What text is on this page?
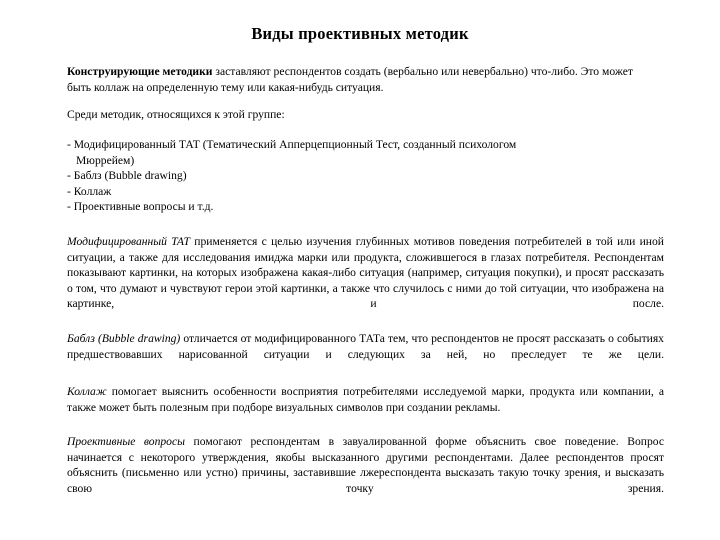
Виды проективных методик
Конструирующие методики заставляют респондентов создать (вербально или невербально) что-либо. Это может быть коллаж на определенную тему или какая-нибудь ситуация.
Среди методик, относящихся к этой группе:
- Модифицированный ТАТ (Тематический Апперцепционный Тест, созданный психологом
Мюррейем)
- Баблз (Bubble drawing)
- Коллаж
- Проективные вопросы и т.д.
Модифицированный ТАТ применяется с целью изучения глубинных мотивов поведения потребителей в той или иной ситуации, а также для исследования имиджа марки или продукта, сложившегося в глазах потребителя. Респондентам показывают картинки, на которых изображена какая-либо ситуация (например, ситуация покупки), и просят рассказать о том, что думают и чувствуют герои этой картинки, а также что случилось с ними до той ситуации, что изображена на картинке, и после.
Баблз (Bubble drawing) отличается от модифицированного ТАТа тем, что респондентов не просят рассказать о событиях предшествовавших нарисованной ситуации и следующих за ней, но преследует те же цели.
Коллаж помогает выяснить особенности восприятия потребителями исследуемой марки, продукта или компании, а также может быть полезным при подборе визуальных символов при создании рекламы.
Проективные вопросы помогают респондентам в завуалированной форме объяснить свое поведение. Вопрос начинается с некоторого утверждения, якобы высказанного другими респондентами. Далее респондентов просят объяснить (письменно или устно) причины, заставившие лжереспондента высказать такую точку зрения, и высказать свою точку зрения.
